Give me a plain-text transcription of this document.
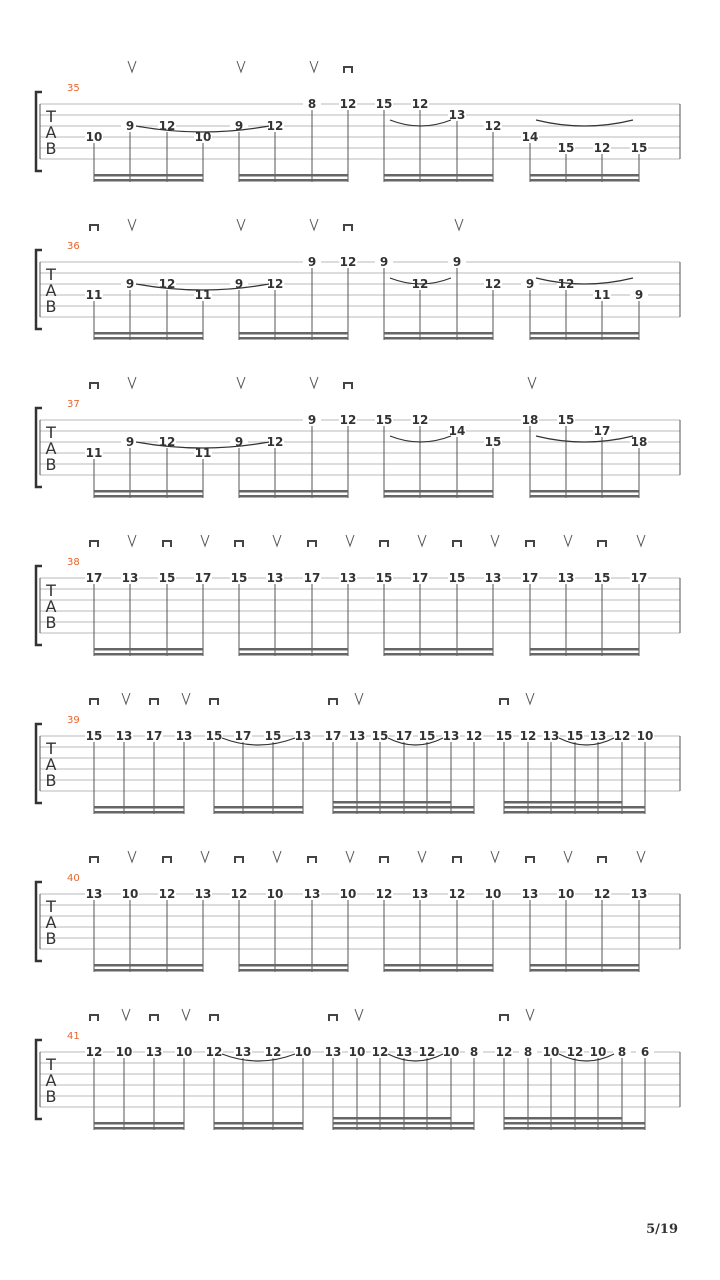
T
A
B
35
10
9 12
10
9 12
8 12 15 12
13
12
14
15 12 15
T
A
B
36
11
9 12
11
9 12
9 12 9
12
9
12 9 12
11 9
T
A
B
37
11
9 12
11
9 12
9 12 15 12
14
15
18 15
17
18
T
A
B
38
17 13 15 17 15 13 17 13 15 17 15 13 17 13 15 17
T
A
B
39
15 13 17 13 15 17 15 13 17 13 15 17 15 13 12 15 12 13 15 13 12 10
T
A
B
40
13 10 12 13 12 10 13 10 12 13 12 10 13 10 12 13
T
A
B
41
12 10 13 10 12 13 12 10 13 10 12 13 12 10 8 12 8 10 12 10 8 6
5/19
